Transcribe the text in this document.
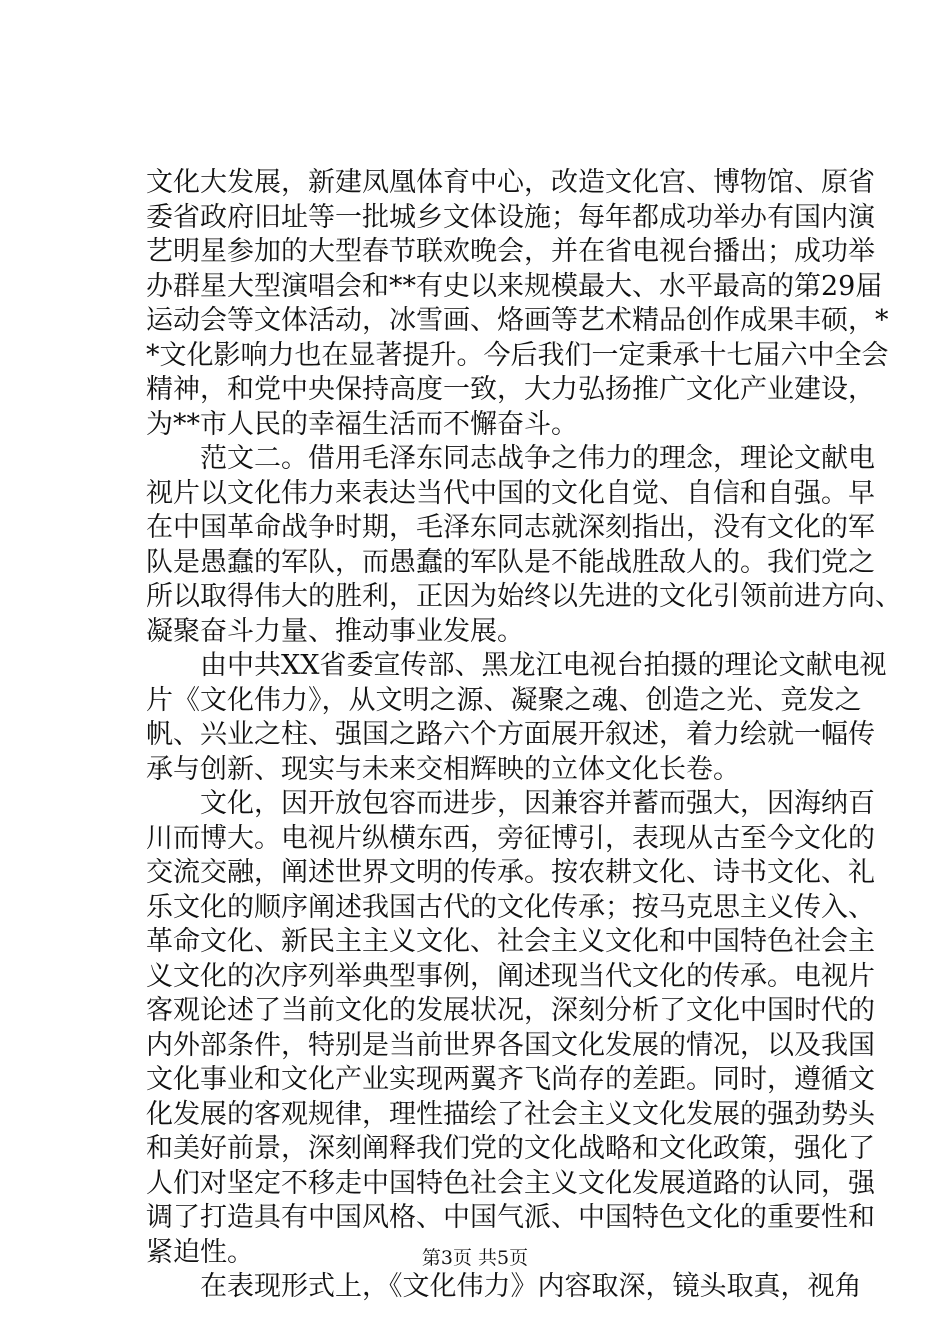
文化大发展，新建凤凰体育中心，改造文化宫、博物馆、原省
委省政府旧址等一批城乡文体设施；每年都成功举办有国内演
艺明星参加的大型春节联欢晚会，并在省电视台播出；成功举
办群星大型演唱会和**有史以来规模最大、水平最高的第29届
运动会等文体活动，冰雪画、烙画等艺术精品创作成果丰硕，*
*文化影响力也在显著提升。今后我们一定秉承十七届六中全会
精神，和党中央保持高度一致，大力弘扬推广文化产业建设，
为**市人民的幸福生活而不懈奋斗。
范文二。借用毛泽东同志战争之伟力的理念，理论文献电
视片以文化伟力来表达当代中国的文化自觉、自信和自强。早
在中国革命战争时期，毛泽东同志就深刻指出，没有文化的军
队是愚蠢的军队，而愚蠢的军队是不能战胜敌人的。我们党之
所以取得伟大的胜利，正因为始终以先进的文化引领前进方向、
凝聚奋斗力量、推动事业发展。
由中共XX省委宣传部、黑龙江电视台拍摄的理论文献电视
片《文化伟力》，从文明之源、凝聚之魂、创造之光、竞发之
帆、兴业之柱、强国之路六个方面展开叙述，着力绘就一幅传
承与创新、现实与未来交相辉映的立体文化长卷。
文化，因开放包容而进步，因兼容并蓄而强大，因海纳百
川而博大。电视片纵横东西，旁征博引，表现从古至今文化的
交流交融，阐述世界文明的传承。按农耕文化、诗书文化、礼
乐文化的顺序阐述我国古代的文化传承；按马克思主义传入、
革命文化、新民主主义文化、社会主义文化和中国特色社会主
义文化的次序列举典型事例，阐述现当代文化的传承。电视片
客观论述了当前文化的发展状况，深刻分析了文化中国时代的
内外部条件，特别是当前世界各国文化发展的情况，以及我国
文化事业和文化产业实现两翼齐飞尚存的差距。同时，遵循文
化发展的客观规律，理性描绘了社会主义文化发展的强劲势头
和美好前景，深刻阐释我们党的文化战略和文化政策，强化了
人们对坚定不移走中国特色社会主义文化发展道路的认同，强
调了打造具有中国风格、中国气派、中国特色文化的重要性和
紧迫性。
在表现形式上，《文化伟力》内容取深，镜头取真，视角
第3页 共5页
